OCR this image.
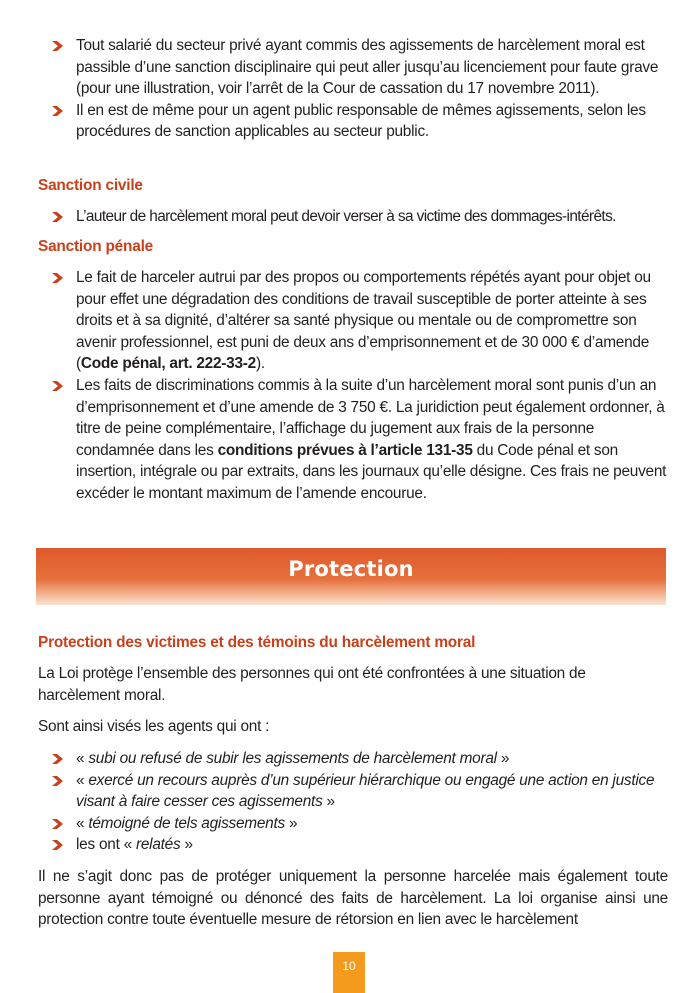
Tout salarié du secteur privé ayant commis des agissements de harcèlement moral est passible d’une sanction disciplinaire qui peut aller jusqu’au licenciement pour faute grave (pour une illustration, voir l’arrêt de la Cour de cassation du 17 novembre 2011).
Il en est de même pour un agent public responsable de mêmes agissements, selon les procédures de sanction applicables au secteur public.
Sanction civile
L’auteur de harcèlement moral peut devoir verser à sa victime des dommages-intérêts.
Sanction pénale
Le fait de harceler autrui par des propos ou comportements répétés ayant pour objet ou pour effet une dégradation des conditions de travail susceptible de porter atteinte à ses droits et à sa dignité, d’altérer sa santé physique ou mentale ou de compromettre son avenir professionnel, est puni de deux ans d’emprisonnement et de 30 000 € d’amende (Code pénal, art. 222-33-2).
Les faits de discriminations commis à la suite d’un harcèlement moral sont punis d’un an d’emprisonnement et d’une amende de 3 750 €. La juridiction peut également ordonner, à titre de peine complémentaire, l’affichage du jugement aux frais de la personne condamnée dans les conditions prévues à l’article 131-35 du Code pénal et son insertion, intégrale ou par extraits, dans les journaux qu’elle désigne. Ces frais ne peuvent excéder le montant maximum de l’amende encourue.
Protection
Protection des victimes et des témoins du harcèlement moral
La Loi protège l’ensemble des personnes qui ont été confrontées à une situation de harcèlement moral.
Sont ainsi visés les agents qui ont :
« subi ou refusé de subir les agissements de harcèlement moral »
« exercé un recours auprès d’un supérieur hiérarchique ou engagé une action en justice visant à faire cesser ces agissements »
« témoigné de tels agissements »
les ont « relatés »
Il ne s’agit donc pas de protéger uniquement la personne harcelée mais également toute personne ayant témoigné ou dénoncé des faits de harcèlement. La loi organise ainsi une protection contre toute éventuelle mesure de rétorsion en lien avec le harcèlement
10
